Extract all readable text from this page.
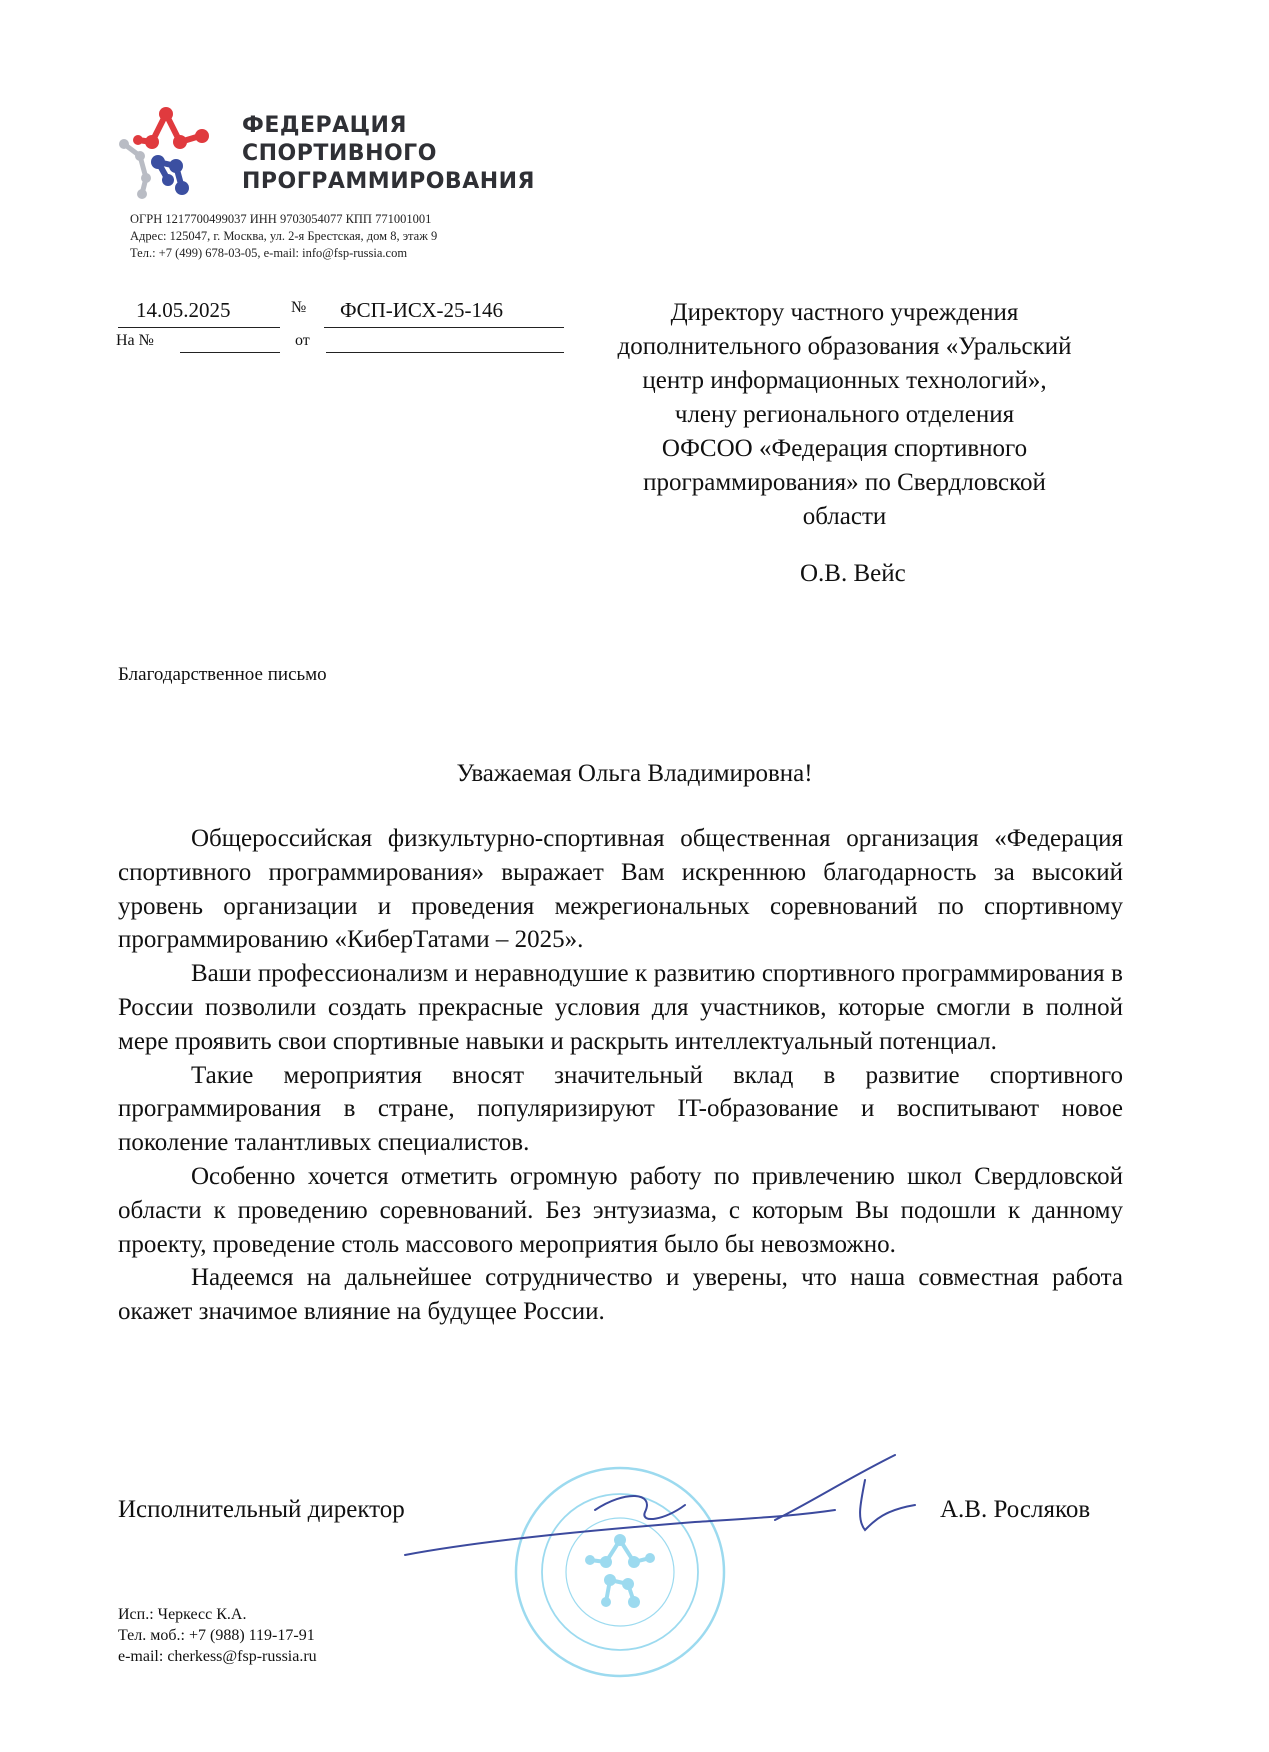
ФЕДЕРАЦИЯ
СПОРТИВНОГО
ПРОГРАММИРОВАНИЯ
ОГРН 1217700499037 ИНН 9703054077 КПП 771001001
Адрес: 125047, г. Москва, ул. 2-я Брестская, дом 8, этаж 9
Тел.: +7 (499) 678-03-05, e-mail: info@fsp-russia.com
14.05.2025	№ ФСП-ИСХ-25-146
На №	от
Директору частного учреждения
дополнительного образования «Уральский
центр информационных технологий»,
члену регионального отделения
ОФСОО «Федерация спортивного
программирования» по Свердловской
области
О.В. Вейс
Благодарственное письмо
Уважаемая Ольга Владимировна!

Общероссийская физкультурно-спортивная общественная организация «Федерация спортивного программирования» выражает Вам искреннюю благодарность за высокий уровень организации и проведения межрегиональных соревнований по спортивному программированию «КиберТатами – 2025».

Ваши профессионализм и неравнодушие к развитию спортивного программирования в России позволили создать прекрасные условия для участников, которые смогли в полной мере проявить свои спортивные навыки и раскрыть интеллектуальный потенциал.

Такие мероприятия вносят значительный вклад в развитие спортивного программирования в стране, популяризируют IT-образование и воспитывают новое поколение талантливых специалистов.

Особенно хочется отметить огромную работу по привлечению школ Свердловской области к проведению соревнований. Без энтузиазма, с которым Вы подошли к данному проекту, проведение столь массового мероприятия было бы невозможно.

Надеемся на дальнейшее сотрудничество и уверены, что наша совместная работа окажет значимое влияние на будущее России.

Исполнительный директор	А.В. Росляков
Исп.: Черкесс К.А.
Тел. моб.: +7 (988) 119-17-91
e-mail: cherkess@fsp-russia.ru
